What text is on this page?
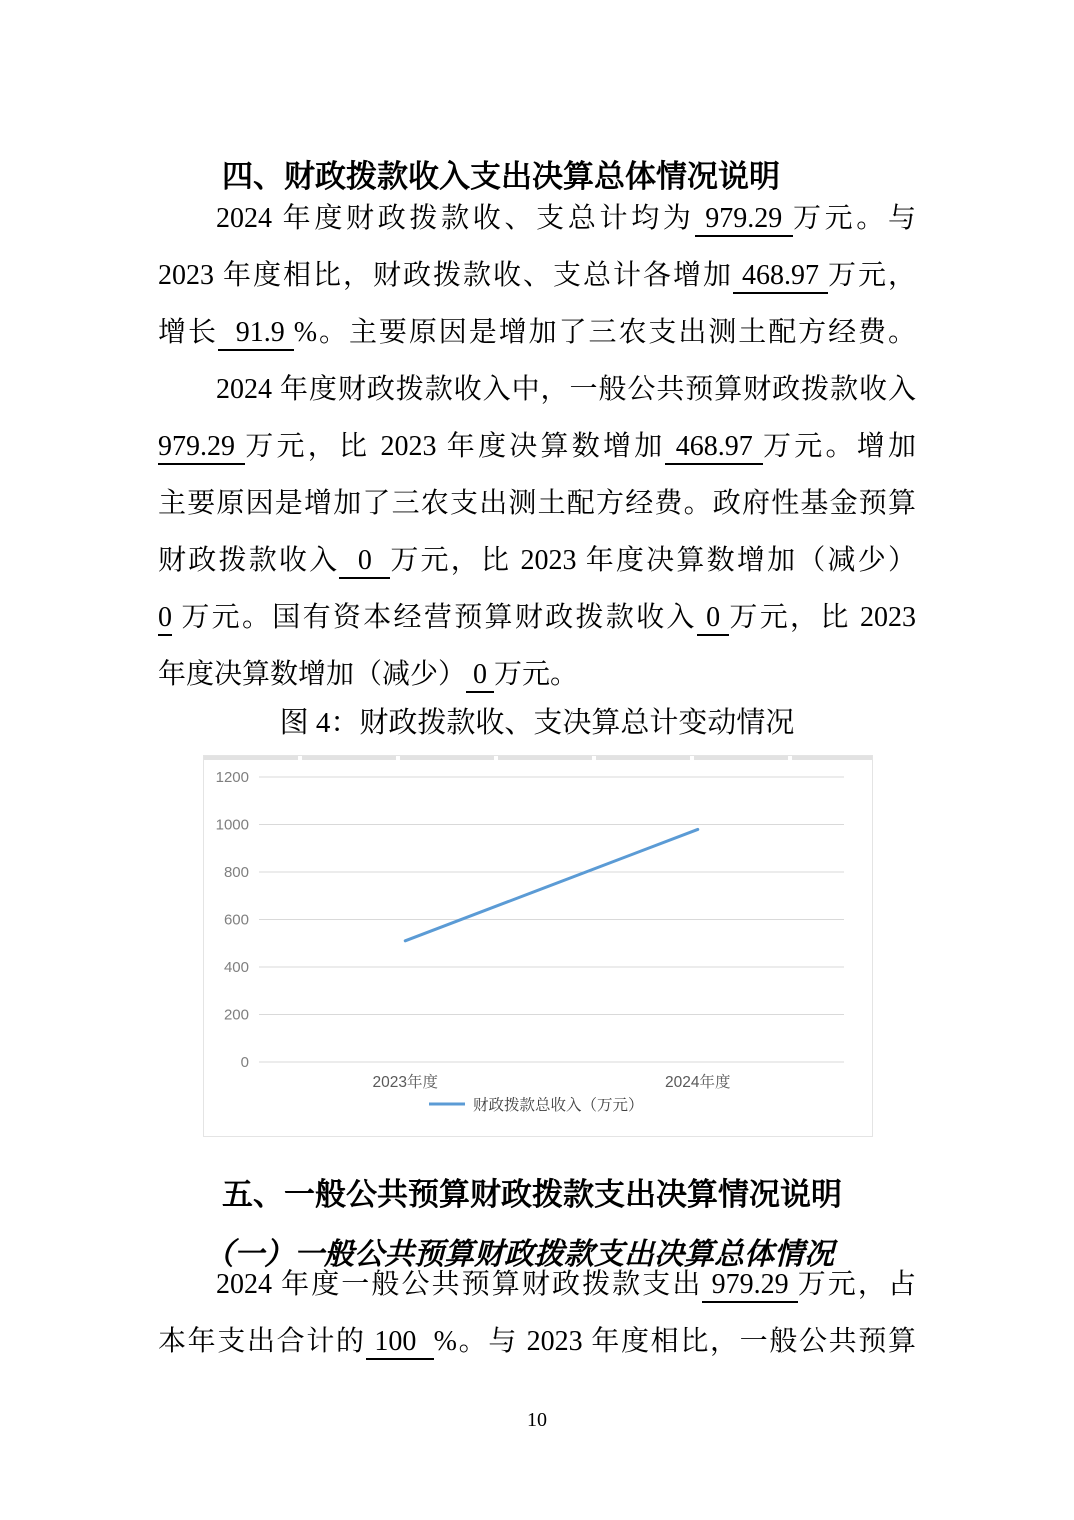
四、财政拨款收入支出决算总体情况说明
2024 年度财政拨款收、支总计均为 979.29 万元。与
2023 年度相比，财政拨款收、支总计各增加 468.97 万元，
增长  91.9 %。主要原因是增加了三农支出测土配方经费。
2024 年度财政拨款收入中，一般公共预算财政拨款收入
979.29 万元，比 2023 年度决算数增加 468.97 万元。增加
主要原因是增加了三农支出测土配方经费。政府性基金预算
财政拨款收入  0  万元，比 2023 年度决算数增加（减少）
0 万元。国有资本经营预算财政拨款收入 0 万元，比 2023
年度决算数增加（减少） 0 万元。
图 4：财政拨款收、支决算总计变动情况
0
200
400
600
800
1000
1200
2023年度	2024年度
财政拨款总收入（万元）
五、一般公共预算财政拨款支出决算情况说明
（一）一般公共预算财政拨款支出决算总体情况
2024 年度一般公共预算财政拨款支出 979.29 万元，占
本年支出合计的 100  %。与 2023 年度相比，一般公共预算
10
